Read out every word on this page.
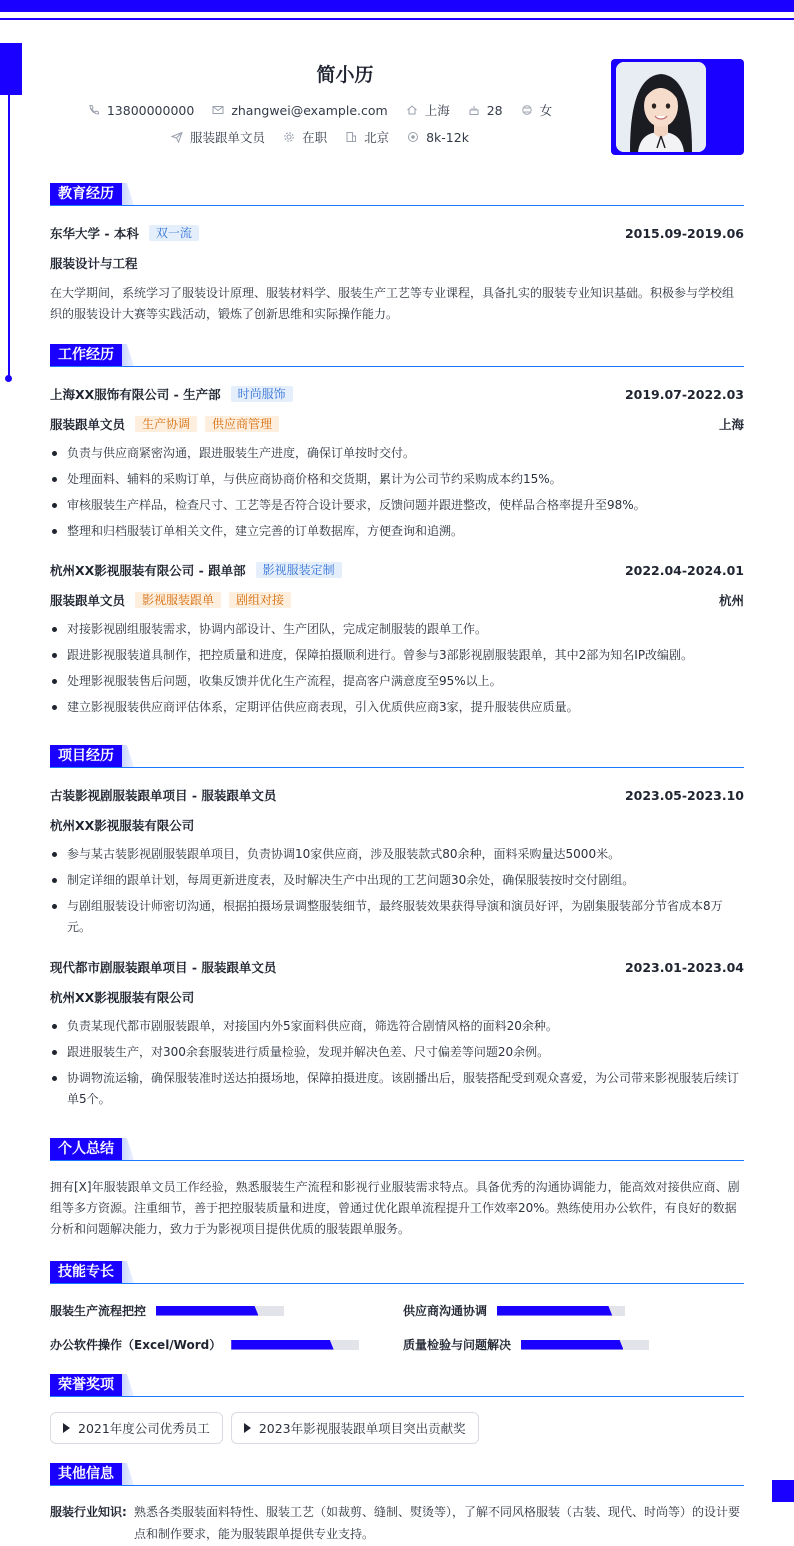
简小历
13800000000	zhangwei@example.com	上海	28	女
服装跟单文员	在职	北京	8k-12k
教育经历
东华大学 - 本科	双一流	2015.09-2019.06
服装设计与工程
在大学期间，系统学习了服装设计原理、服装材料学、服装生产工艺等专业课程，具备扎实的服装专业知识基础。积极参与学校组织的服装设计大赛等实践活动，锻炼了创新思维和实际操作能力。
工作经历
上海XX服饰有限公司 - 生产部	时尚服饰	2019.07-2022.03
服装跟单文员	生产协调	供应商管理	上海
负责与供应商紧密沟通，跟进服装生产进度，确保订单按时交付。
处理面料、辅料的采购订单，与供应商协商价格和交货期，累计为公司节约采购成本约15%。
审核服装生产样品，检查尺寸、工艺等是否符合设计要求，反馈问题并跟进整改，使样品合格率提升至98%。
整理和归档服装订单相关文件，建立完善的订单数据库，方便查询和追溯。
杭州XX影视服装有限公司 - 跟单部	影视服装定制	2022.04-2024.01
服装跟单文员	影视服装跟单	剧组对接	杭州
对接影视剧组服装需求，协调内部设计、生产团队，完成定制服装的跟单工作。
跟进影视服装道具制作，把控质量和进度，保障拍摄顺利进行。曾参与3部影视剧服装跟单，其中2部为知名IP改编剧。
处理影视服装售后问题，收集反馈并优化生产流程，提高客户满意度至95%以上。
建立影视服装供应商评估体系，定期评估供应商表现，引入优质供应商3家，提升服装供应质量。
项目经历
古装影视剧服装跟单项目 - 服装跟单文员	2023.05-2023.10
杭州XX影视服装有限公司
参与某古装影视剧服装跟单项目，负责协调10家供应商，涉及服装款式80余种，面料采购量达5000米。
制定详细的跟单计划，每周更新进度表，及时解决生产中出现的工艺问题30余处，确保服装按时交付剧组。
与剧组服装设计师密切沟通，根据拍摄场景调整服装细节，最终服装效果获得导演和演员好评，为剧集服装部分节省成本8万元。
现代都市剧服装跟单项目 - 服装跟单文员	2023.01-2023.04
杭州XX影视服装有限公司
负责某现代都市剧服装跟单，对接国内外5家面料供应商，筛选符合剧情风格的面料20余种。
跟进服装生产，对300余套服装进行质量检验，发现并解决色差、尺寸偏差等问题20余例。
协调物流运输，确保服装准时送达拍摄场地，保障拍摄进度。该剧播出后，服装搭配受到观众喜爱，为公司带来影视服装后续订单5个。
个人总结
拥有[X]年服装跟单文员工作经验，熟悉服装生产流程和影视行业服装需求特点。具备优秀的沟通协调能力，能高效对接供应商、剧组等多方资源。注重细节，善于把控服装质量和进度，曾通过优化跟单流程提升工作效率20%。熟练使用办公软件，有良好的数据分析和问题解决能力，致力于为影视项目提供优质的服装跟单服务。
技能专长
服装生产流程把控	供应商沟通协调
办公软件操作（Excel/Word）	质量检验与问题解决
荣誉奖项
2021年度公司优秀员工	2023年影视服装跟单项目突出贡献奖
其他信息
服装行业知识: 熟悉各类服装面料特性、服装工艺（如裁剪、缝制、熨烫等），了解不同风格服装（古装、现代、时尚等）的设计要点和制作要求，能为服装跟单提供专业支持。
